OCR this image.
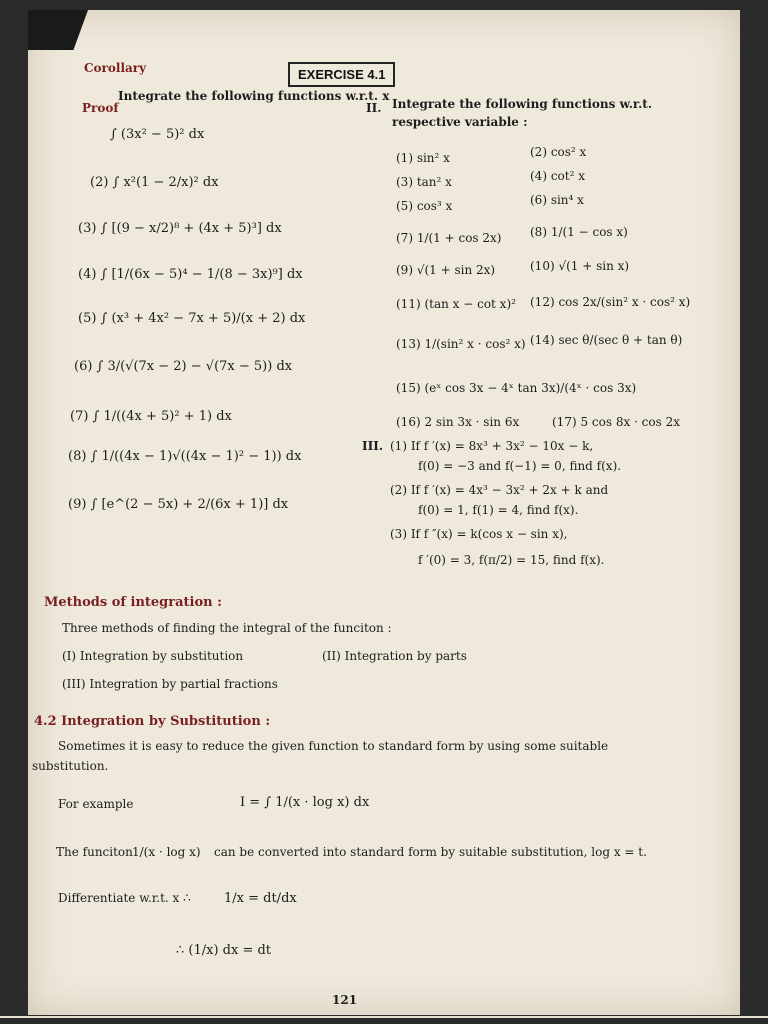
Corollary
Proof
EXERCISE 4.1
Integrate the following functions w.r.t. x
∫ (3x² − 5)² dx
(2) ∫ x²(1 − 2/x)² dx
(3) ∫ [(9 − x/2)⁸ + (4x + 5)³] dx
(4) ∫ [1/(6x − 5)⁴ − 1/(8 − 3x)⁹] dx
(5) ∫ (x³ + 4x² − 7x + 5)/(x + 2) dx
(6) ∫ 3/(√(7x − 2) − √(7x − 5)) dx
(7) ∫ 1/((4x + 5)² + 1) dx
(8) ∫ 1/((4x − 1)√((4x − 1)² − 1)) dx
(9) ∫ [e^(2 − 5x) + 2/(6x + 1)] dx
II. Integrate the following functions w.r.t.
respective variable :
(1) sin² x	(2) cos² x
(3) tan² x	(4) cot² x
(5) cos³ x	(6) sin⁴ x
(7) 1/(1 + cos 2x) (8) 1/(1 − cos x)
(9) √(1 + sin 2x)	(10) √(1 + sin x)
(11) (tan x − cot x)² (12) cos 2x/(sin² x · cos² x)
(13) 1/(sin² x · cos² x) (14) sec θ/(sec θ + tan θ)
(15) (eˣ cos 3x − 4ˣ tan 3x)/(4ˣ · cos 3x)
(16) 2 sin 3x · sin 6x	(17) 5 cos 8x · cos 2x
III. (1) If f ′(x) = 8x³ + 3x² − 10x − k,
f(0) = −3 and f(−1) = 0, find f(x).
(2) If f ′(x) = 4x³ − 3x² + 2x + k and
f(0) = 1, f(1) = 4, find f(x).
(3) If f ″(x) = k(cos x − sin x),
f ′(0) = 3, f(π/2) = 15, find f(x).
Methods of integration :
Three methods of finding the integral of the funciton :
(I) Integration by substitution	(II) Integration by parts
(III) Integration by partial fractions
4.2 Integration by Substitution :
Sometimes it is easy to reduce the given function to standard form by using some suitable
substitution.
For example	I = ∫ 1/(x · log x) dx
The funciton 1/(x · log x) can be converted into standard form by suitable substitution, log x = t.
Differentiate w.r.t. x ∴	1/x = dt/dx
∴ (1/x) dx = dt
121
